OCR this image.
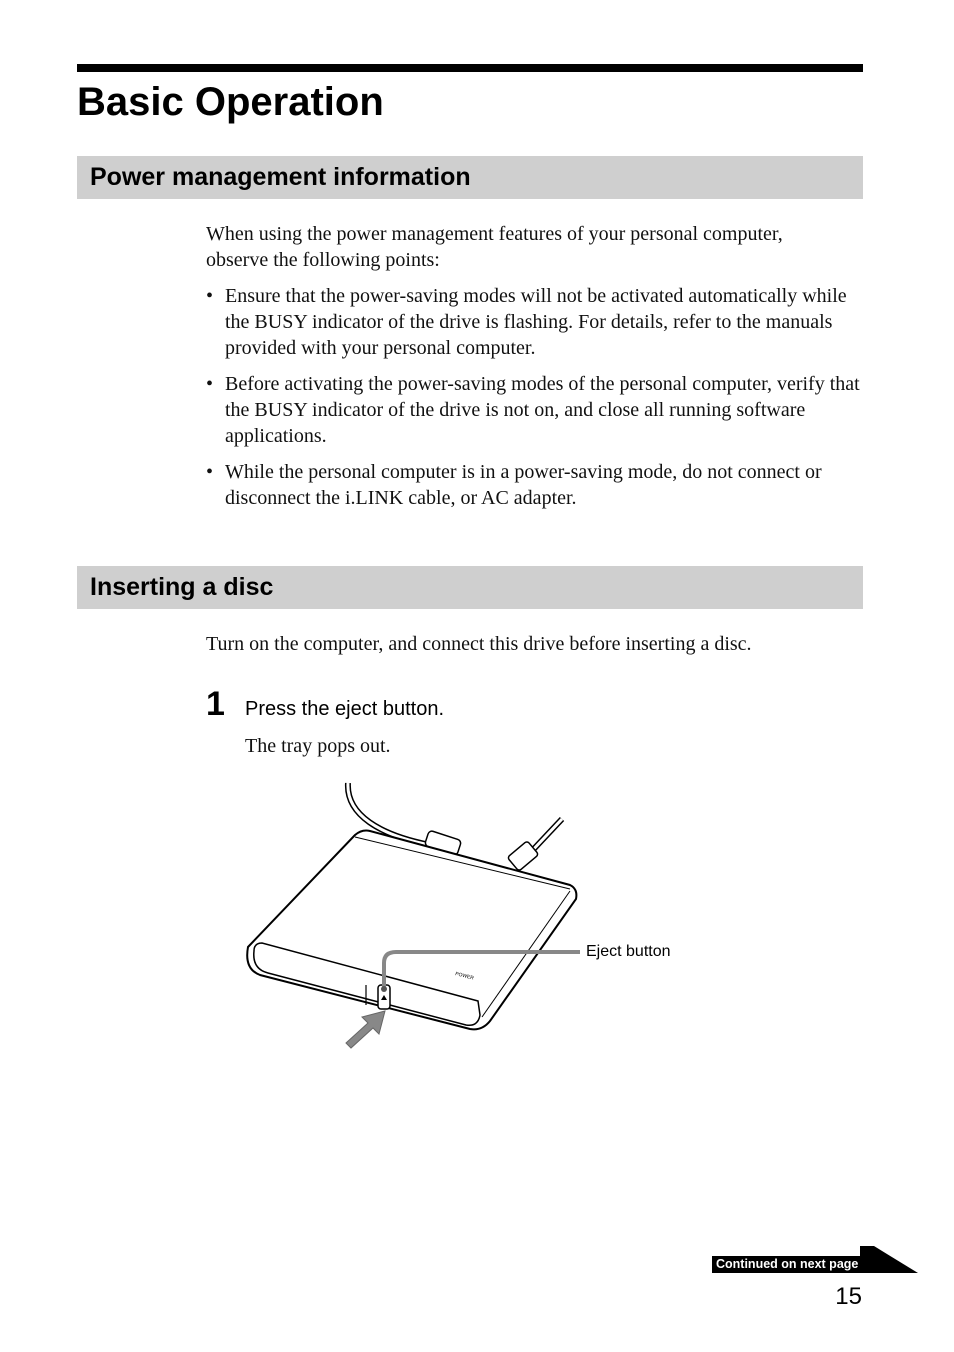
Basic Operation
Power management information

When using the power management features of your personal computer, observe the following points:

• Ensure that the power-saving modes will not be activated automatically while the BUSY indicator of the drive is flashing. For details, refer to the manuals provided with your personal computer.
• Before activating the power-saving modes of the personal computer, verify that the BUSY indicator of the drive is not on, and close all running software applications.
• While the personal computer is in a power-saving mode, do not connect or disconnect the i.LINK cable, or AC adapter.
Inserting a disc

Turn on the computer, and connect this drive before inserting a disc.

1 Press the eject button.

The tray pops out.

POWER
Eject button
Continued on next page
15
